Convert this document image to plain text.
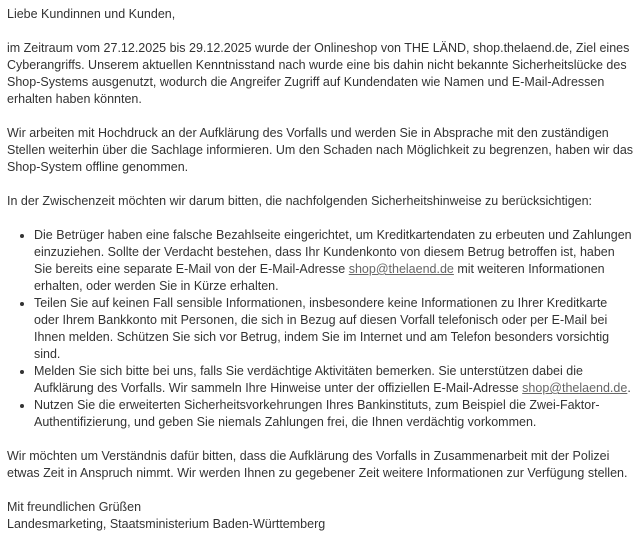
Liebe Kundinnen und Kunden,

im Zeitraum vom 27.12.2025 bis 29.12.2025 wurde der Onlineshop von THE LÄND, shop.thelaend.de, Ziel eines Cyberangriffs. Unserem aktuellen Kenntnisstand nach wurde eine bis dahin nicht bekannte Sicherheitslücke des Shop-Systems ausgenutzt, wodurch die Angreifer Zugriff auf Kundendaten wie Namen und E-Mail-Adressen erhalten haben könnten.

Wir arbeiten mit Hochdruck an der Aufklärung des Vorfalls und werden Sie in Absprache mit den zuständigen Stellen weiterhin über die Sachlage informieren. Um den Schaden nach Möglichkeit zu begrenzen, haben wir das Shop-System offline genommen.

In der Zwischenzeit möchten wir darum bitten, die nachfolgenden Sicherheitshinweise zu berücksichtigen:

• Die Betrüger haben eine falsche Bezahlseite eingerichtet, um Kreditkartendaten zu erbeuten und Zahlungen einzuziehen. Sollte der Verdacht bestehen, dass Ihr Kundenkonto von diesem Betrug betroffen ist, haben Sie bereits eine separate E-Mail von der E-Mail-Adresse shop@thelaend.de mit weiteren Informationen erhalten, oder werden Sie in Kürze erhalten.
• Teilen Sie auf keinen Fall sensible Informationen, insbesondere keine Informationen zu Ihrer Kreditkarte oder Ihrem Bankkonto mit Personen, die sich in Bezug auf diesen Vorfall telefonisch oder per E-Mail bei Ihnen melden. Schützen Sie sich vor Betrug, indem Sie im Internet und am Telefon besonders vorsichtig sind.
• Melden Sie sich bitte bei uns, falls Sie verdächtige Aktivitäten bemerken. Sie unterstützen dabei die Aufklärung des Vorfalls. Wir sammeln Ihre Hinweise unter der offiziellen E-Mail-Adresse shop@thelaend.de.
• Nutzen Sie die erweiterten Sicherheitsvorkehrungen Ihres Bankinstituts, zum Beispiel die Zwei-Faktor-Authentifizierung, und geben Sie niemals Zahlungen frei, die Ihnen verdächtig vorkommen.

Wir möchten um Verständnis dafür bitten, dass die Aufklärung des Vorfalls in Zusammenarbeit mit der Polizei etwas Zeit in Anspruch nimmt. Wir werden Ihnen zu gegebener Zeit weitere Informationen zur Verfügung stellen.

Mit freundlichen Grüßen

Landesmarketing, Staatsministerium Baden-Württemberg
